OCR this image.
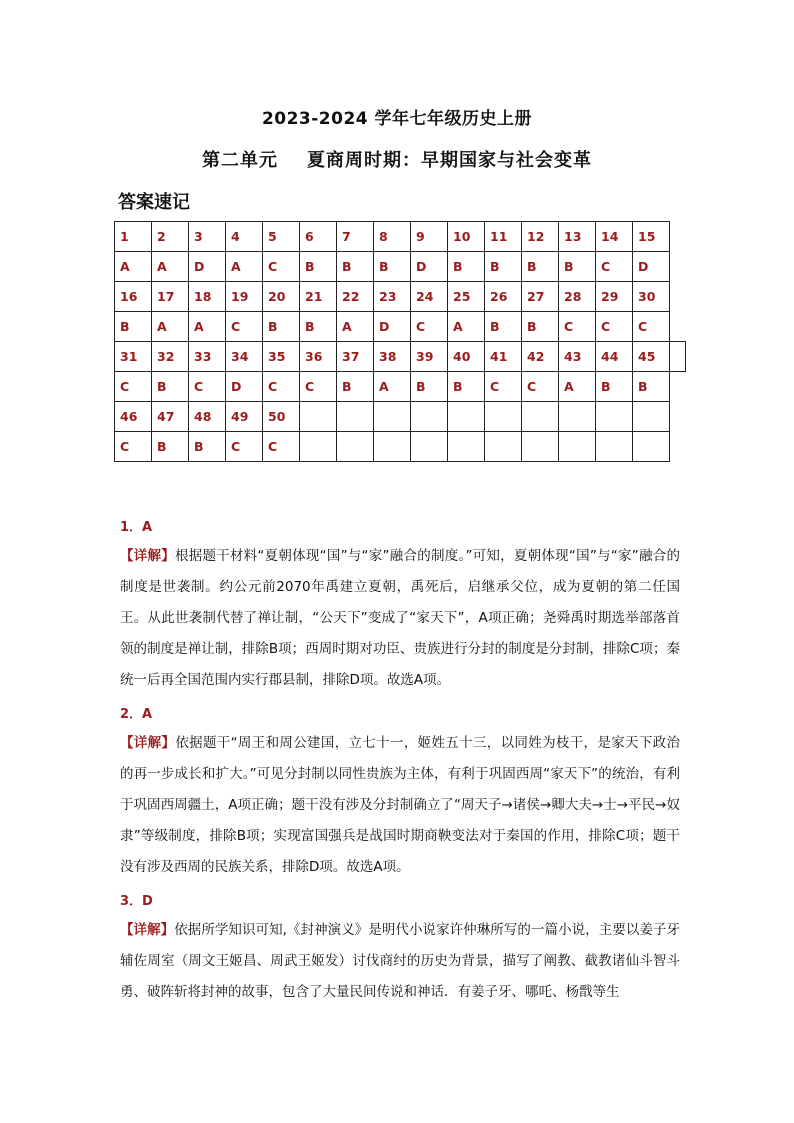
2023-2024 学年七年级历史上册
第二单元    夏商周时期：早期国家与社会变革
答案速记
1	2	3	4	5	6	7	8	9	10	11	12	13	14	15	
A	A	D	A	C	B	B	B	D	B	B	B	B	C	D	
16	17	18	19	20	21	22	23	24	25	26	27	28	29	30	
B	A	A	C	B	B	A	D	C	A	B	B	C	C	C	
31	32	33	34	35	36	37	38	39	40	41	42	43	44	45	
C	B	C	D	C	C	B	A	B	B	C	C	A	B	B	
46	47	48	49	50											
C	B	B	C	C											
1．A
【详解】根据题干材料“夏朝体现“国”与“家”融合的制度。”可知，夏朝体现“国”与“家”融合的制度是世袭制。约公元前2070年禹建立夏朝，禹死后，启继承父位，成为夏朝的第二任国王。从此世袭制代替了禅让制，“公天下”变成了“家天下”，A项正确；尧舜禹时期选举部落首领的制度是禅让制，排除B项；西周时期对功臣、贵族进行分封的制度是分封制，排除C项；秦统一后再全国范围内实行郡县制，排除D项。故选A项。
2．A
【详解】依据题干“周王和周公建国，立七十一，姬姓五十三，以同姓为枝干，是家天下政治的再一步成长和扩大。”可见分封制以同性贵族为主体，有利于巩固西周“家天下”的统治，有利于巩固西周疆土，A项正确；题干没有涉及分封制确立了“周天子→诸侯→卿大夫→士→平民→奴隶”等级制度，排除B项；实现富国强兵是战国时期商鞅变法对于秦国的作用，排除C项；题干没有涉及西周的民族关系，排除D项。故选A项。
3．D
【详解】依据所学知识可知,《封神演义》是明代小说家许仲琳所写的一篇小说，主要以姜子牙辅佐周室（周文王姬昌、周武王姬发）讨伐商纣的历史为背景，描写了阐教、截教诸仙斗智斗勇、破阵斩将封神的故事，包含了大量民间传说和神话．有姜子牙、哪吒、杨戬等生
